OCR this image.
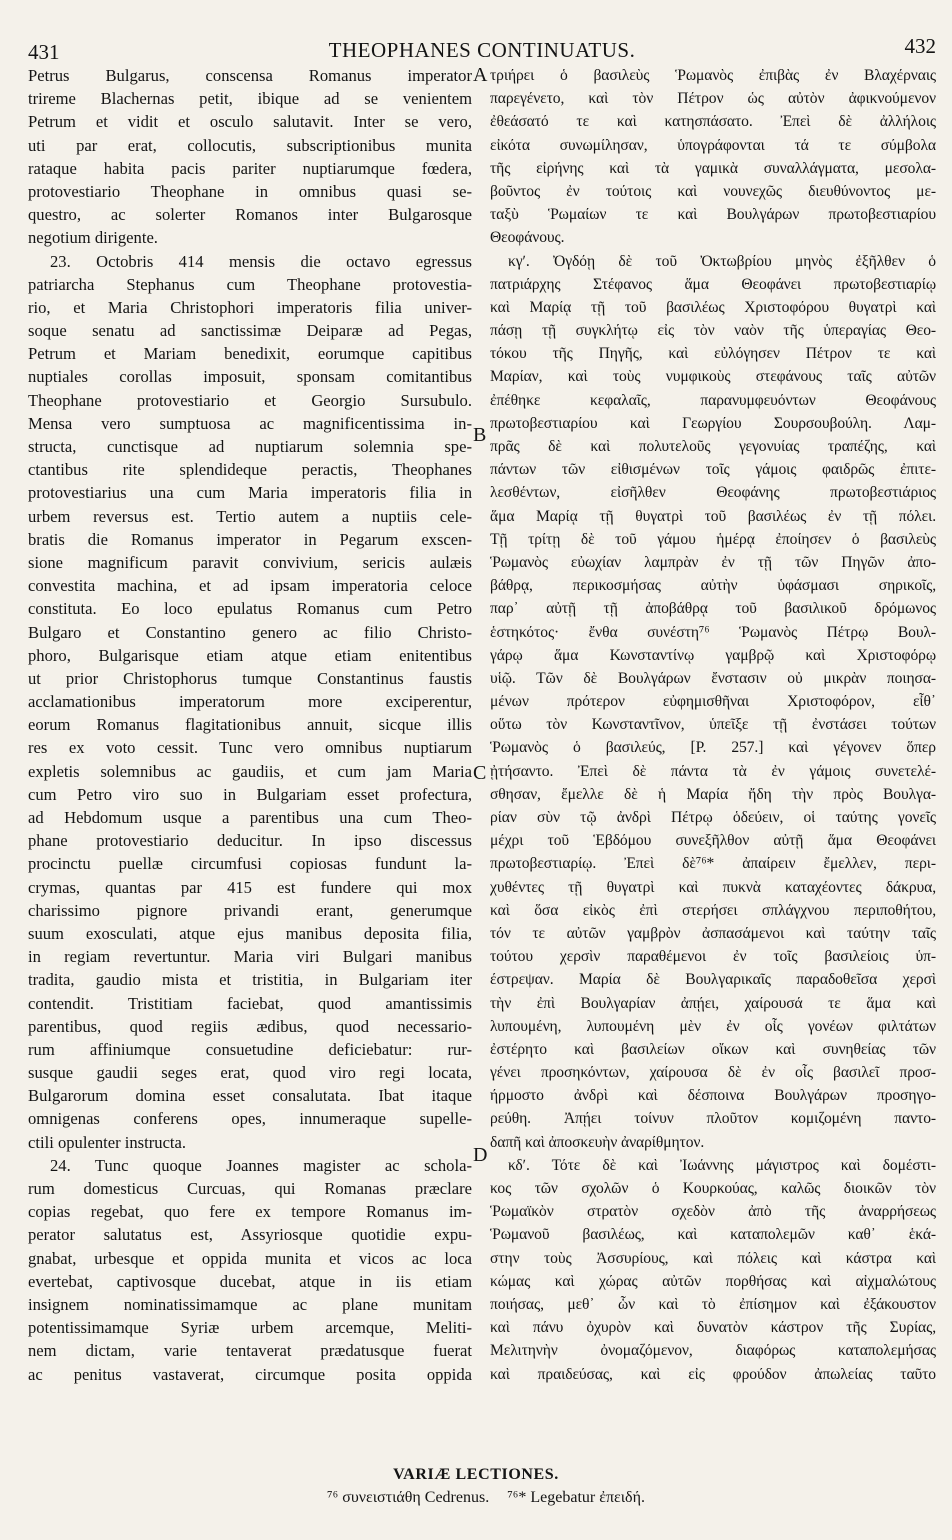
431	THEOPHANES CONTINUATUS.	432
Petrus Bulgarus, conscensa Romanus imperator
trireme Blachernas petit, ibique ad se venientem
Petrum et vidit et osculo salutavit. Inter se vero,
uti par erat, collocutis, subscriptionibus munita
rataque habita pacis pariter nuptiarumque fœdera,
protovestiario Theophane in omnibus quasi se-
questro, ac solerter Romanos inter Bulgarosque
negotium dirigente.
23. Octobris 414 mensis die octavo egressus
patriarcha Stephanus cum Theophane protovestia-
rio, et Maria Christophori imperatoris filia univer-
soque senatu ad sanctissimæ Deiparæ ad Pegas,
Petrum et Mariam benedixit, eorumque capitibus
nuptiales corollas imposuit, sponsam comitantibus
Theophane protovestiario et Georgio Sursubulo.
Mensa vero sumptuosa ac magnificentissima in-
structa, cunctisque ad nuptiarum solemnia spe-
ctantibus rite splendideque peractis, Theophanes
protovestiarius una cum Maria imperatoris filia in
urbem reversus est. Tertio autem a nuptiis cele-
bratis die Romanus imperator in Pegarum exscen-
sione magnificum paravit convivium, sericis aulæis
convestita machina, et ad ipsam imperatoria celoce
constituta. Eo loco epulatus Romanus cum Petro
Bulgaro et Constantino genero ac filio Christo-
phoro, Bulgarisque etiam atque etiam enitentibus
ut prior Christophorus tumque Constantinus faustis
acclamationibus imperatorum more exciperentur,
eorum Romanus flagitationibus annuit, sicque illis
res ex voto cessit. Tunc vero omnibus nuptiarum
expletis solemnibus ac gaudiis, et cum jam Maria
cum Petro viro suo in Bulgariam esset profectura,
ad Hebdomum usque a parentibus una cum Theo-
phane protovestiario deducitur. In ipso discessus
procinctu puellæ circumfusi copiosas fundunt la-
crymas, quantas par 415 est fundere qui mox
charissimo pignore privandi erant, generumque
suum exosculati, atque ejus manibus deposita filia,
in regiam revertuntur. Maria viri Bulgari manibus
tradita, gaudio mista et tristitia, in Bulgariam iter
contendit. Tristitiam faciebat, quod amantissimis
parentibus, quod regiis ædibus, quod necessario-
rum affiniumque consuetudine deficiebatur: rur-
susque gaudii seges erat, quod viro regi locata,
Bulgarorum domina esset consalutata. Ibat itaque
omnigenas conferens opes, innumeraque supelle-
ctili opulenter instructa.
24. Tunc quoque Joannes magister ac schola-
rum domesticus Curcuas, qui Romanas præclare
copias regebat, quo fere ex tempore Romanus im-
perator salutatus est, Assyriosque quotidie expu-
gnabat, urbesque et oppida munita et vicos ac loca
evertebat, captivosque ducebat, atque in iis etiam
insignem nominatissimamque ac plane munitam
potentissimamque Syriæ urbem arcemque, Meliti-
nem dictam, varie tentaverat prædatusque fuerat
ac penitus vastaverat, circumque posita oppida
A
B
C
D
τριήρει ὁ βασιλεὺς Ῥωμανὸς ἐπιβὰς ἐν Βλαχέρναις
παρεγένετο, καὶ τὸν Πέτρον ὡς αὐτὸν ἀφικνούμενον
ἐθεάσατό τε καὶ κατησπάσατο. Ἐπεὶ δὲ ἀλλήλοις
εἰκότα συνωμίλησαν, ὑπογράφονται τά τε σύμβολα
τῆς εἰρήνης καὶ τὰ γαμικὰ συναλλάγματα, μεσολα-
βοῦντος ἐν τούτοις καὶ νουνεχῶς διευθύνοντος με-
ταξὺ Ῥωμαίων τε καὶ Βουλγάρων πρωτοβεστιαρίου
Θεοφάνους.
κγʹ. Ὀγδόῃ δὲ τοῦ Ὀκτωβρίου μηνὸς ἐξῆλθεν ὁ
πατριάρχης Στέφανος ἅμα Θεοφάνει πρωτοβεστιαρίῳ
καὶ Μαρίᾳ τῇ τοῦ βασιλέως Χριστοφόρου θυγατρὶ καὶ
πάσῃ τῇ συγκλήτῳ εἰς τὸν ναὸν τῆς ὑπεραγίας Θεο-
τόκου τῆς Πηγῆς, καὶ εὐλόγησεν Πέτρον τε καὶ
Μαρίαν, καὶ τοὺς νυμφικοὺς στεφάνους ταῖς αὐτῶν
ἐπέθηκε κεφαλαῖς, παρανυμφευόντων Θεοφάνους
πρωτοβεστιαρίου καὶ Γεωργίου Σουρσουβούλη. Λαμ-
πρᾶς δὲ καὶ πολυτελοῦς γεγονυίας τραπέζης, καὶ
πάντων τῶν εἰθισμένων τοῖς γάμοις φαιδρῶς ἐπιτε-
λεσθέντων, εἰσῆλθεν Θεοφάνης πρωτοβεστιάριος
ἅμα Μαρίᾳ τῇ θυγατρὶ τοῦ βασιλέως ἐν τῇ πόλει.
Τῇ τρίτῃ δὲ τοῦ γάμου ἡμέρᾳ ἐποίησεν ὁ βασιλεὺς
Ῥωμανὸς εὐωχίαν λαμπρὰν ἐν τῇ τῶν Πηγῶν ἀπο-
βάθρᾳ, περικοσμήσας αὐτὴν ὑφάσμασι σηρικοῖς,
παρ᾽ αὐτῇ τῇ ἀποβάθρᾳ τοῦ βασιλικοῦ δρόμωνος
ἑστηκότος· ἔνθα συνέστη⁷⁶ Ῥωμανὸς Πέτρῳ Βουλ-
γάρῳ ἅμα Κωνσταντίνῳ γαμβρῷ καὶ Χριστοφόρῳ
υἱῷ. Τῶν δὲ Βουλγάρων ἔνστασιν οὐ μικρὰν ποιησα-
μένων πρότερον εὐφημισθῆναι Χριστοφόρον, εἶθ᾽
οὕτω τὸν Κωνσταντῖνον, ὑπεῖξε τῇ ἐνστάσει τούτων
Ῥωμανὸς ὁ βασιλεύς, [P. 257.] καὶ γέγονεν ὅπερ
ᾐτήσαντο. Ἐπεὶ δὲ πάντα τὰ ἐν γάμοις συνετελέ-
σθησαν, ἔμελλε δὲ ἡ Μαρία ἤδη τὴν πρὸς Βουλγα-
ρίαν σὺν τῷ ἀνδρὶ Πέτρῳ ὁδεύειν, οἱ ταύτης γονεῖς
μέχρι τοῦ Ἑβδόμου συνεξῆλθον αὐτῇ ἅμα Θεοφάνει
πρωτοβεστιαρίῳ. Ἐπεὶ δὲ⁷⁶* ἀπαίρειν ἔμελλεν, περι-
χυθέντες τῇ θυγατρὶ καὶ πυκνὰ καταχέοντες δάκρυα,
καὶ ὅσα εἰκὸς ἐπὶ στερήσει σπλάγχνου περιποθήτου,
τόν τε αὐτῶν γαμβρὸν ἀσπασάμενοι καὶ ταύτην ταῖς
τούτου χερσὶν παραθέμενοι ἐν τοῖς βασιλείοις ὑπ-
έστρεψαν. Μαρία δὲ Βουλγαρικαῖς παραδοθεῖσα χερσὶ
τὴν ἐπὶ Βουλγαρίαν ἀπῄει, χαίρουσά τε ἅμα καὶ
λυπουμένη, λυπουμένη μὲν ἐν οἷς γονέων φιλτάτων
ἐστέρητο καὶ βασιλείων οἴκων καὶ συνηθείας τῶν
γένει προσηκόντων, χαίρουσα δὲ ἐν οἷς βασιλεῖ προσ-
ήρμοστο ἀνδρὶ καὶ δέσποινα Βουλγάρων προσηγο-
ρεύθη. Ἀπῄει τοίνυν πλοῦτον κομιζομένη παντο-
δαπῆ καὶ ἀποσκευὴν ἀναρίθμητον.
κδʹ. Τότε δὲ καὶ Ἰωάννης μάγιστρος καὶ δομέστι-
κος τῶν σχολῶν ὁ Κουρκούας, καλῶς διοικῶν τὸν
Ῥωμαϊκὸν στρατὸν σχεδὸν ἀπὸ τῆς ἀναρρήσεως
Ῥωμανοῦ βασιλέως, καὶ καταπολεμῶν καθ᾽ ἑκά-
στην τοὺς Ἀσσυρίους, καὶ πόλεις καὶ κάστρα καὶ
κώμας καὶ χώρας αὐτῶν πορθήσας καὶ αἰχμαλώτους
ποιήσας, μεθ᾽ ὧν καὶ τὸ ἐπίσημον καὶ ἐξάκουστον
καὶ πάνυ ὀχυρὸν καὶ δυνατὸν κάστρον τῆς Συρίας,
Μελιτηνὴν ὀνομαζόμενον, διαφόρως καταπολεμήσας
καὶ πραιδεύσας, καὶ εἰς φρούδον ἀπωλείας ταῦτο
VARIÆ LECTIONES.
⁷⁶ συνειστιάθη Cedrenus. ⁷⁶* Legebatur ἐπειδή.
